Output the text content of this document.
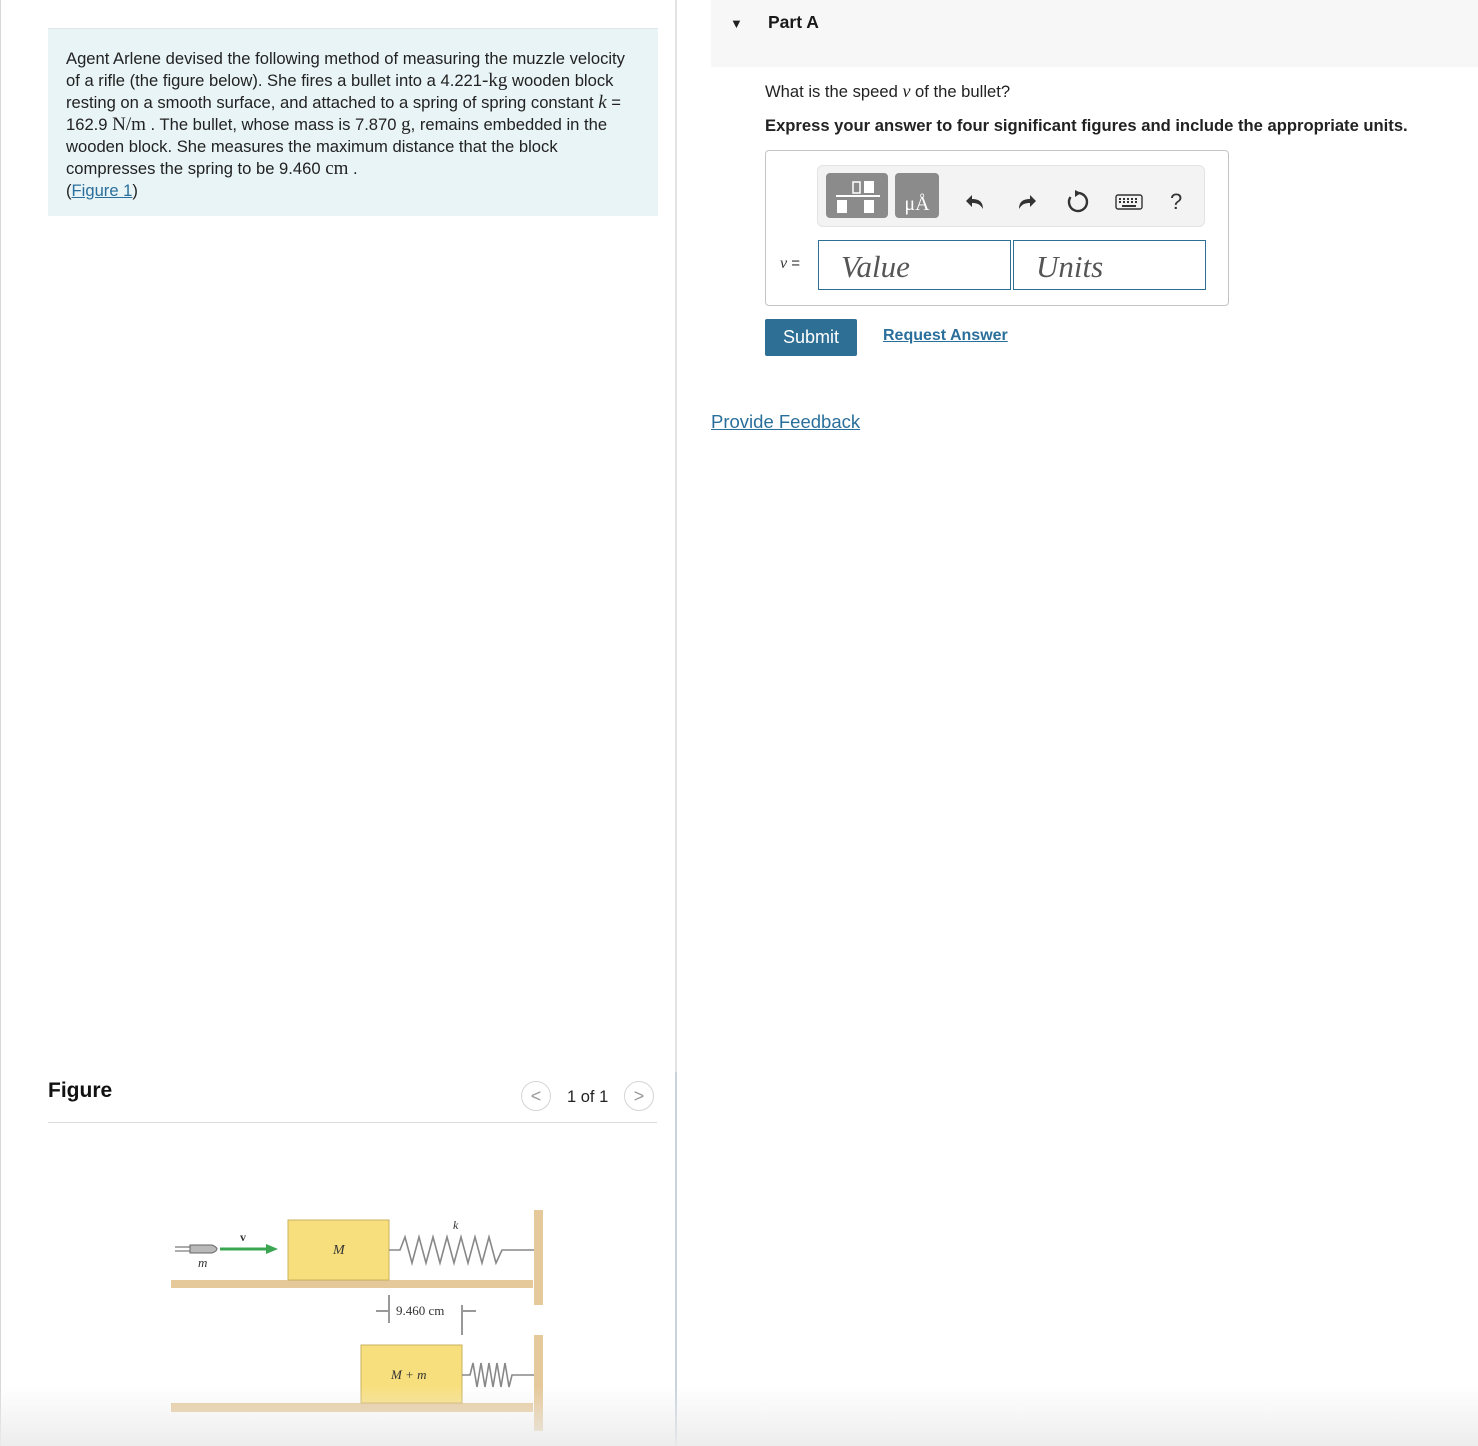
Agent Arlene devised the following method of measuring the muzzle velocity of a rifle (the figure below). She fires a bullet into a 4.221-kg wooden block resting on a smooth surface, and attached to a spring of spring constant k = 162.9 N/m . The bullet, whose mass is 7.870 g, remains embedded in the wooden block. She measures the maximum distance that the block compresses the spring to be 9.460 cm .
(Figure 1)
Figure	< 1 of 1 >
m
v⃗
M
k
9.460 cm
M + m
▼ Part A
What is the speed v of the bullet?
Express your answer to four significant figures and include the appropriate units.
μÅ	?
v =
Value
Units
Submit	Request Answer
Provide Feedback
